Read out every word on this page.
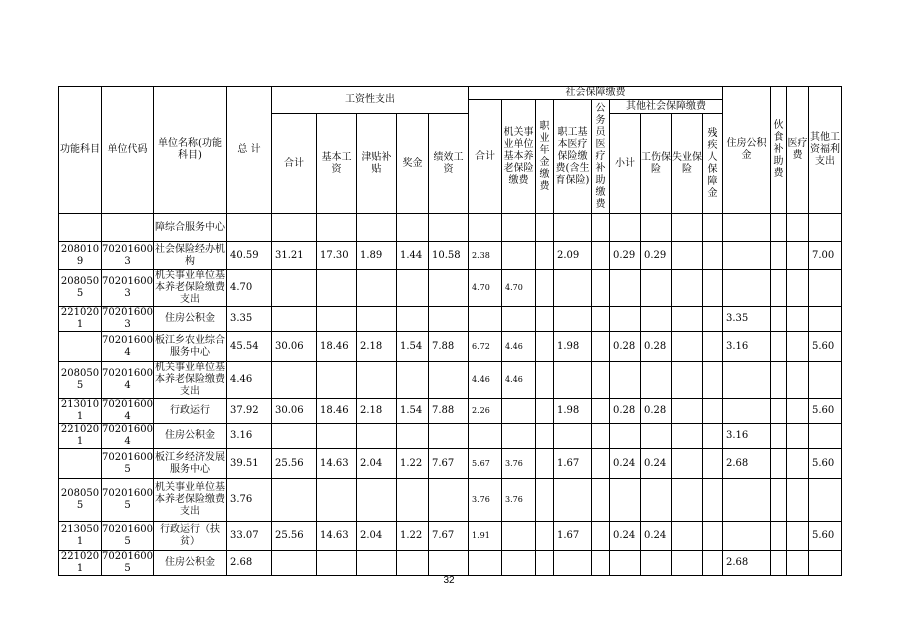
功能科目	单位代码	单位名称(功能科目)	总 计	工资性支出					社会保障缴费									住房公积金	伙食补助费	医疗费	其他工资福利支出
									合计	机关事业单位基本养老保险缴费	职业年金缴费	职工基本医疗保险缴费(含生育保险)	公务员医疗补助缴费	其他社会保障缴费							
				合计	基本工资	津贴补贴	奖金	绩效工资						小计	工伤保险	失业保险	残疾人保障金				
		障综合服务中心																			
2080109	702016003	社会保险经办机构	40.59	31.21	17.30	1.89	1.44	10.58	2.38			2.09		0.29	0.29						7.00
2080505	702016003	机关事业单位基本养老保险缴费支出	4.70						4.70	4.70											
2210201	702016003	住房公积金	3.35															3.35			
	702016004	板江乡农业综合服务中心	45.54	30.06	18.46	2.18	1.54	7.88	6.72	4.46		1.98		0.28	0.28			3.16			5.60
2080505	702016004	机关事业单位基本养老保险缴费支出	4.46						4.46	4.46											
2130101	702016004	行政运行	37.92	30.06	18.46	2.18	1.54	7.88	2.26			1.98		0.28	0.28						5.60
2210201	702016004	住房公积金	3.16															3.16			
	702016005	板江乡经济发展服务中心	39.51	25.56	14.63	2.04	1.22	7.67	5.67	3.76		1.67		0.24	0.24			2.68			5.60
2080505	702016005	机关事业单位基本养老保险缴费支出	3.76						3.76	3.76											
2130501	702016005	行政运行（扶贫）	33.07	25.56	14.63	2.04	1.22	7.67	1.91			1.67		0.24	0.24						5.60
2210201	702016005	住房公积金	2.68															2.68			
32
